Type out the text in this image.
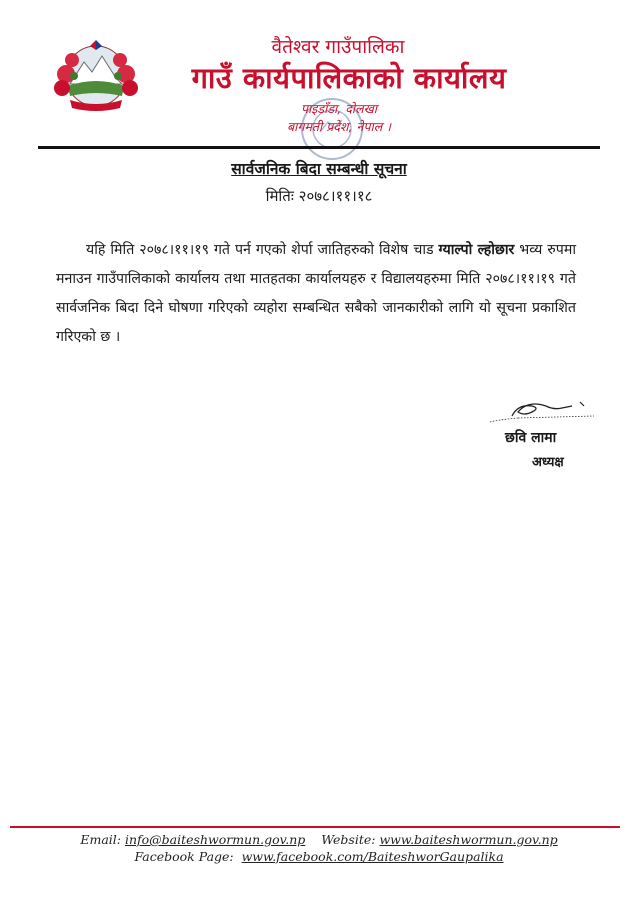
वैतेश्वर गाउँपालिका
गाउँ कार्यपालिकाको कार्यालय
पाइडाँडा, दोलखा
बागमती प्रदेश, नेपाल ।
सार्वजनिक बिदा सम्बन्धी सूचना
मितिः २०७८।११।१८
यहि मिति २०७८।११।१९ गते पर्न गएको शेर्पा जातिहरुको विशेष चाड ग्याल्पो ल्होछार भव्य रुपमा मनाउन गाउँपालिकाको कार्यालय तथा मातहतका कार्यालयहरु र विद्यालयहरुमा मिति २०७८।११।१९ गते सार्वजनिक बिदा दिने घोषणा गरिएको व्यहोरा सम्बन्धित सबैको जानकारीको लागि यो सूचना प्रकाशित गरिएको छ ।
छवि लामा
अध्यक्ष
Email: info@baiteshwormun.gov.np Website: www.baiteshwormun.gov.np
Facebook Page: www.facebook.com/BaiteshworGaupalika
